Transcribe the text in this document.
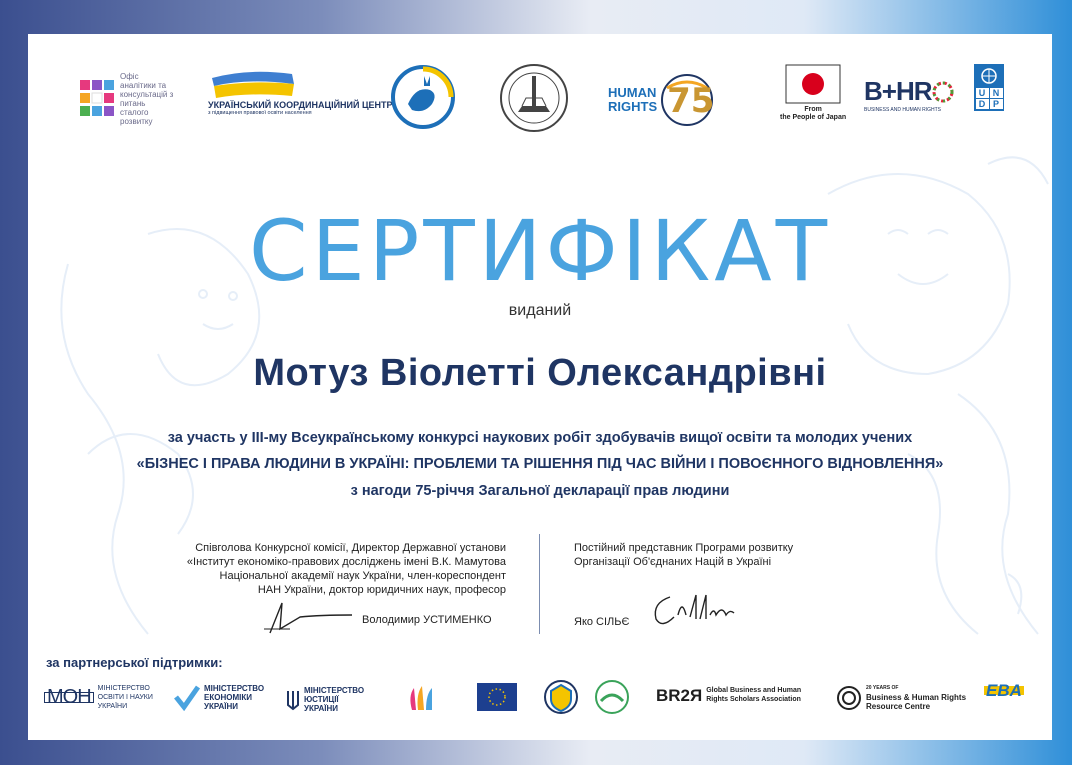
Офіс аналітики та консультацій з питань сталого розвитку
УКРАЇНСЬКИЙ КООРДИНАЦІЙНИЙ ЦЕНТР
з підвищення правової освіти населення
HUMAN
RIGHTS 75	From
the People of Japan
B+HR
BUSINESS AND HUMAN RIGHTS
U N
D P
СЕРТИФІКАТ
виданий
Мотуз Віолетті Олександрівні
за участь у ІІІ-му Всеукраїнському конкурсі наукових робіт здобувачів вищої освіти та молодих учених
«БІЗНЕС І ПРАВА ЛЮДИНИ В УКРАЇНІ: ПРОБЛЕМИ ТА РІШЕННЯ ПІД ЧАС ВІЙНИ І ПОВОЄННОГО ВІДНОВЛЕННЯ»
з нагоди 75-річчя Загальної декларації прав людини
Співголова Конкурсної комісії, Директор Державної установи
«Інститут економіко-правових досліджень імені В.К. Мамутова
Національної академії наук України, член-кореспондент
НАН України, доктор юридичних наук, професор
Володимир УСТИМЕНКО
Постійний представник Програми розвитку
Організації Об'єднаних Націй в Україні
Яко СІЛЬЄ
за партнерської підтримки:
МОН	МІНІСТЕРСТВО ОСВІТИ І НАУКИ УКРАЇНИ
МІНІСТЕРСТВО ЕКОНОМІКИ УКРАЇНИ
МІНІСТЕРСТВО ЮСТИЦІЇ УКРАЇНИ
BR2Я Global Business and Human Rights Scholars Association
20 YEARS OF
Business & Human Rights Resource Centre
EBA
